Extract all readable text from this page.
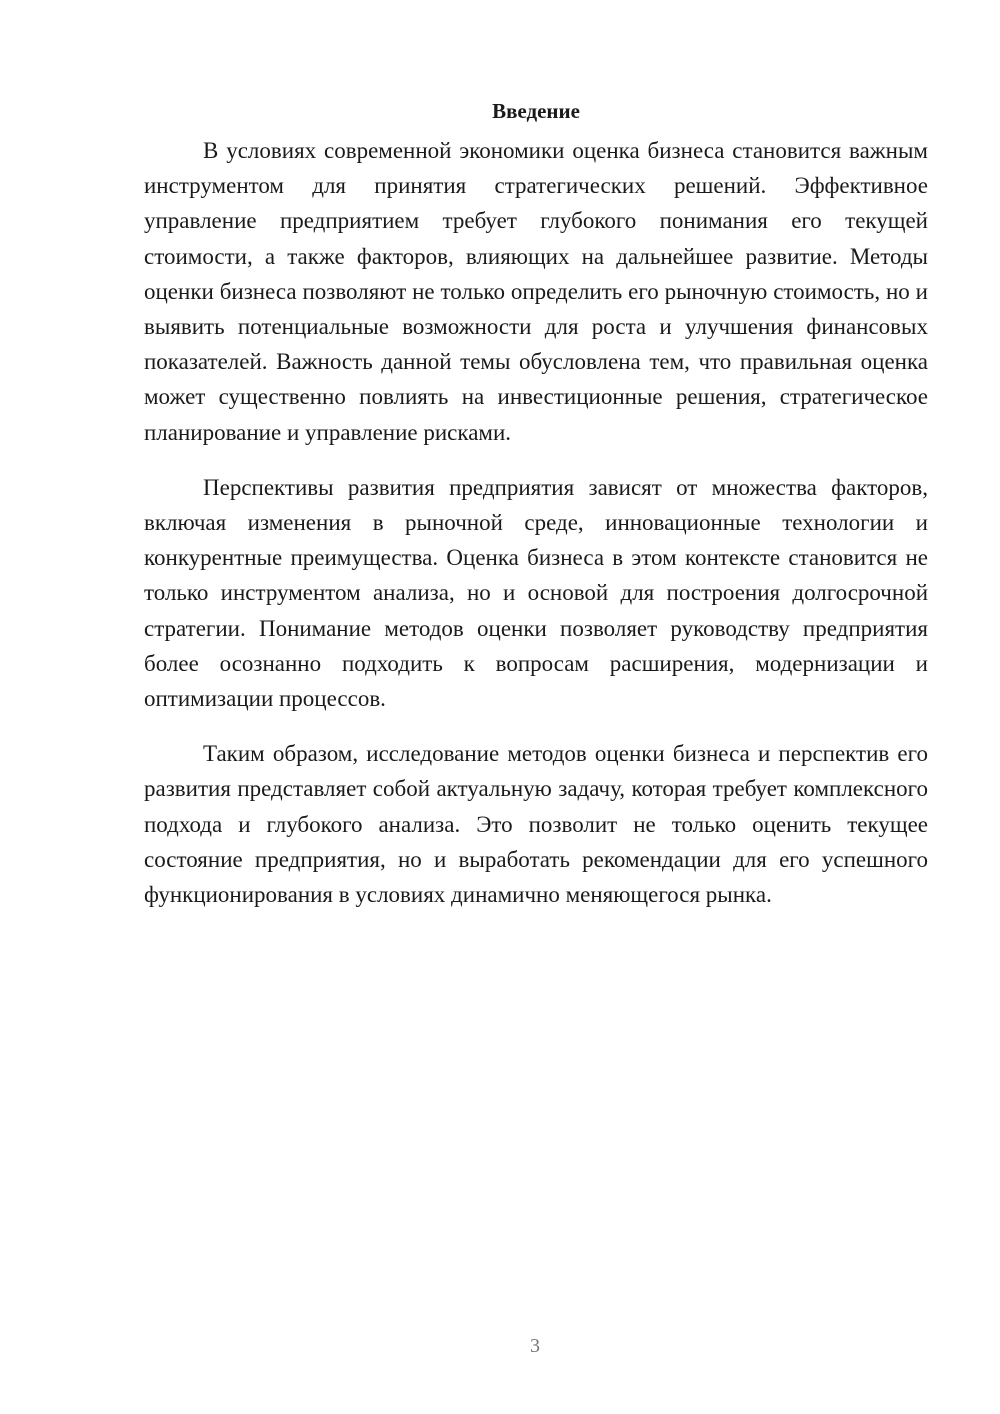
Введение

В условиях современной экономики оценка бизнеса становится важным инструментом для принятия стратегических решений. Эффективное управление предприятием требует глубокого понимания его текущей стоимости, а также факторов, влияющих на дальнейшее развитие. Методы оценки бизнеса позволяют не только определить его рыночную стоимость, но и выявить потенциальные возможности для роста и улучшения финансовых показателей. Важность данной темы обусловлена тем, что правильная оценка может существенно повлиять на инвестиционные решения, стратегическое планирование и управление рисками.

Перспективы развития предприятия зависят от множества факторов, включая изменения в рыночной среде, инновационные технологии и конкурентные преимущества. Оценка бизнеса в этом контексте становится не только инструментом анализа, но и основой для построения долгосрочной стратегии. Понимание методов оценки позволяет руководству предприятия более осознанно подходить к вопросам расширения, модернизации и оптимизации процессов.

Таким образом, исследование методов оценки бизнеса и перспектив его развития представляет собой актуальную задачу, которая требует комплексного подхода и глубокого анализа. Это позволит не только оценить текущее состояние предприятия, но и выработать рекомендации для его успешного функционирования в условиях динамично меняющегося рынка.

3
